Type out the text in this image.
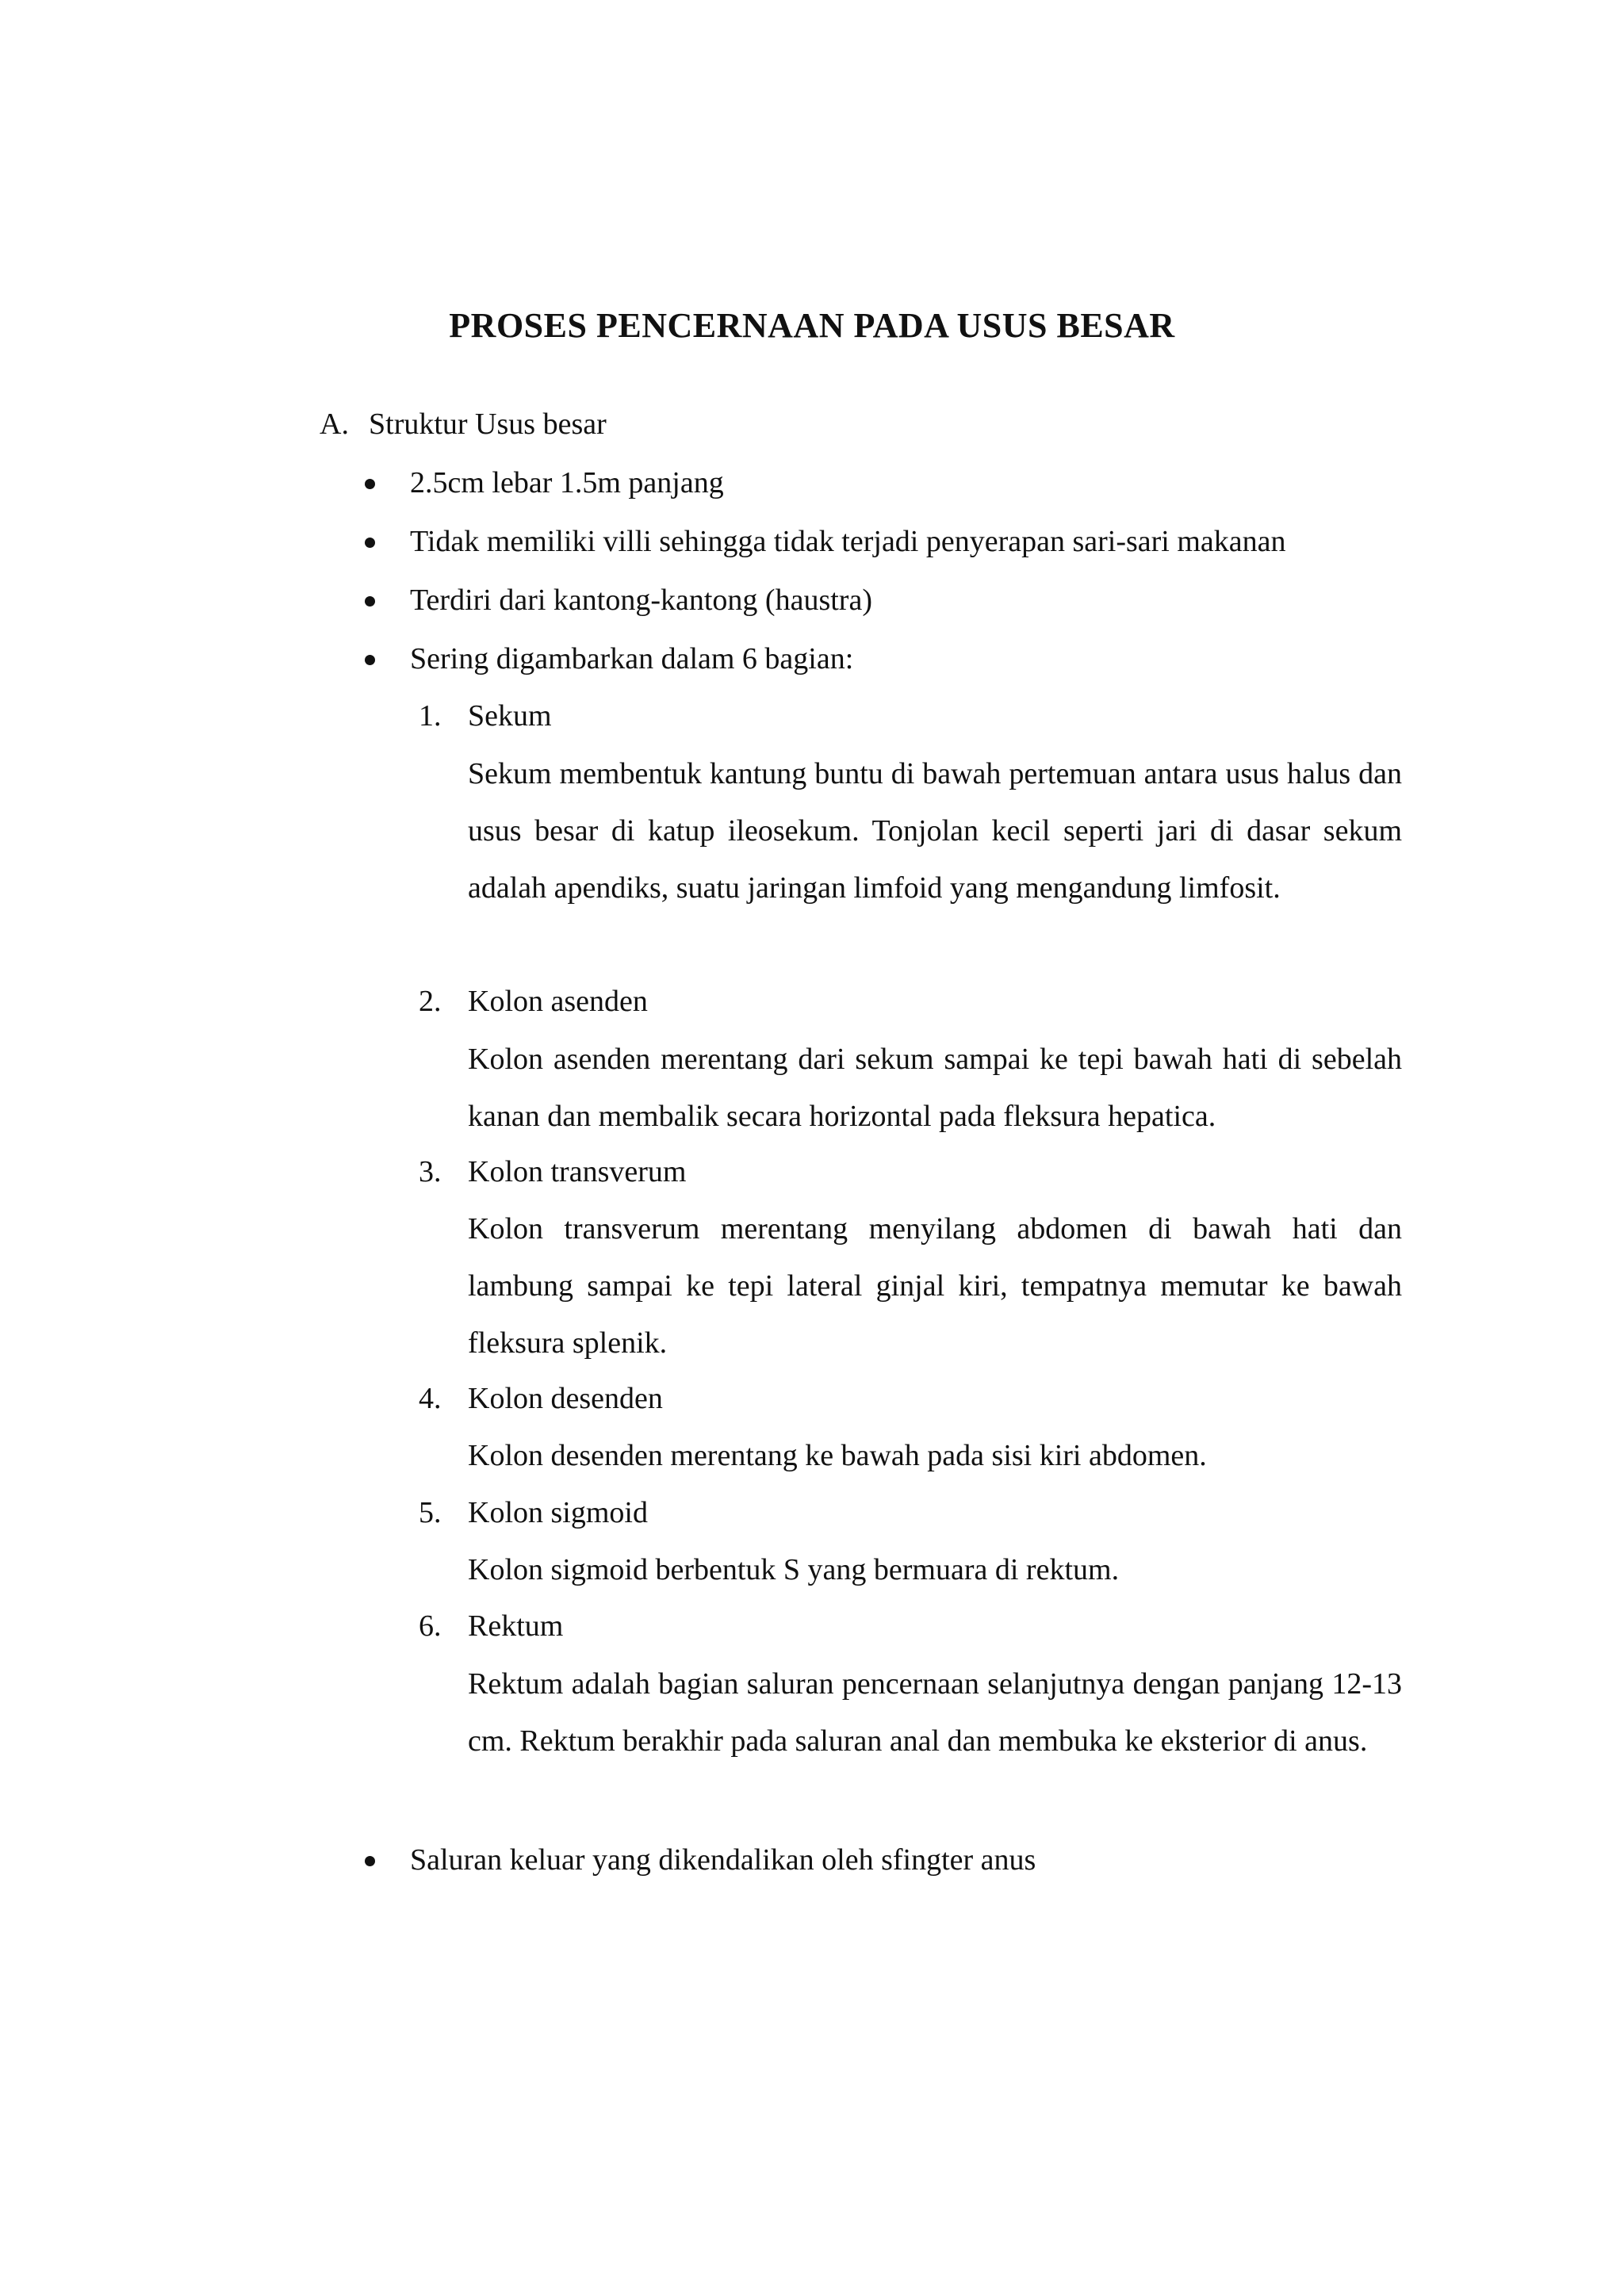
PROSES PENCERNAAN PADA USUS BESAR
A. Struktur Usus besar
2.5cm lebar 1.5m panjang
Tidak memiliki villi sehingga tidak terjadi penyerapan sari-sari makanan
Terdiri dari kantong-kantong (haustra)
Sering digambarkan dalam 6 bagian:
1. Sekum
Sekum membentuk kantung buntu di bawah pertemuan antara usus halus dan usus besar di katup ileosekum. Tonjolan kecil seperti jari di dasar sekum adalah apendiks, suatu jaringan limfoid yang mengandung limfosit.
2. Kolon asenden
Kolon asenden merentang dari sekum sampai ke tepi bawah hati di sebelah kanan dan membalik secara horizontal pada fleksura hepatica.
3. Kolon transverum
Kolon transverum merentang menyilang abdomen di bawah hati dan lambung sampai ke tepi lateral ginjal kiri, tempatnya memutar ke bawah fleksura splenik.
4. Kolon desenden
Kolon desenden merentang ke bawah pada sisi kiri abdomen.
5. Kolon sigmoid
Kolon sigmoid berbentuk S yang bermuara di rektum.
6. Rektum
Rektum adalah bagian saluran pencernaan selanjutnya dengan panjang 12-13 cm. Rektum berakhir pada saluran anal dan membuka ke eksterior di anus.
Saluran keluar yang dikendalikan oleh sfingter anus
